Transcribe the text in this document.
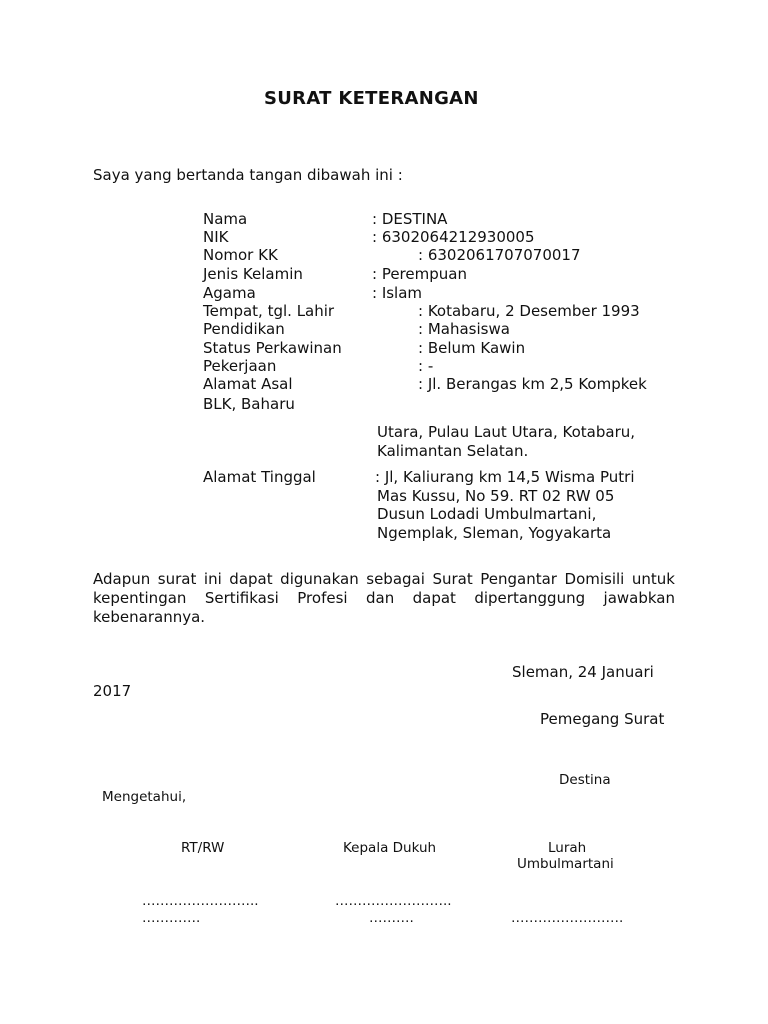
SURAT KETERANGAN
Saya yang bertanda tangan dibawah ini :
Nama	: DESTINA
NIK	: 6302064212930005
Nomor KK	: 6302061707070017
Jenis Kelamin	: Perempuan
Agama	: Islam
Tempat, tgl. Lahir	: Kotabaru, 2 Desember 1993
Pendidikan	: Mahasiswa
Status Perkawinan	: Belum Kawin
Pekerjaan	: -
Alamat Asal	: Jl. Berangas km 2,5 Kompkek
BLK, Baharu
Utara, Pulau Laut Utara, Kotabaru,
Kalimantan Selatan.
Alamat Tinggal	: Jl, Kaliurang km 14,5 Wisma Putri
Mas Kussu, No 59. RT 02 RW 05
Dusun Lodadi Umbulmartani,
Ngemplak, Sleman, Yogyakarta
Adapun surat ini dapat digunakan sebagai Surat Pengantar Domisili untuk kepentingan Sertifikasi Profesi dan dapat dipertanggung jawabkan kebenarannya.
Sleman, 24 Januari
2017
Pemegang Surat
Destina
Mengetahui,
RT/RW	Kepala Dukuh	Lurah
Umbulmartani
……………………..
………….
……………………..
……….	…………………….
